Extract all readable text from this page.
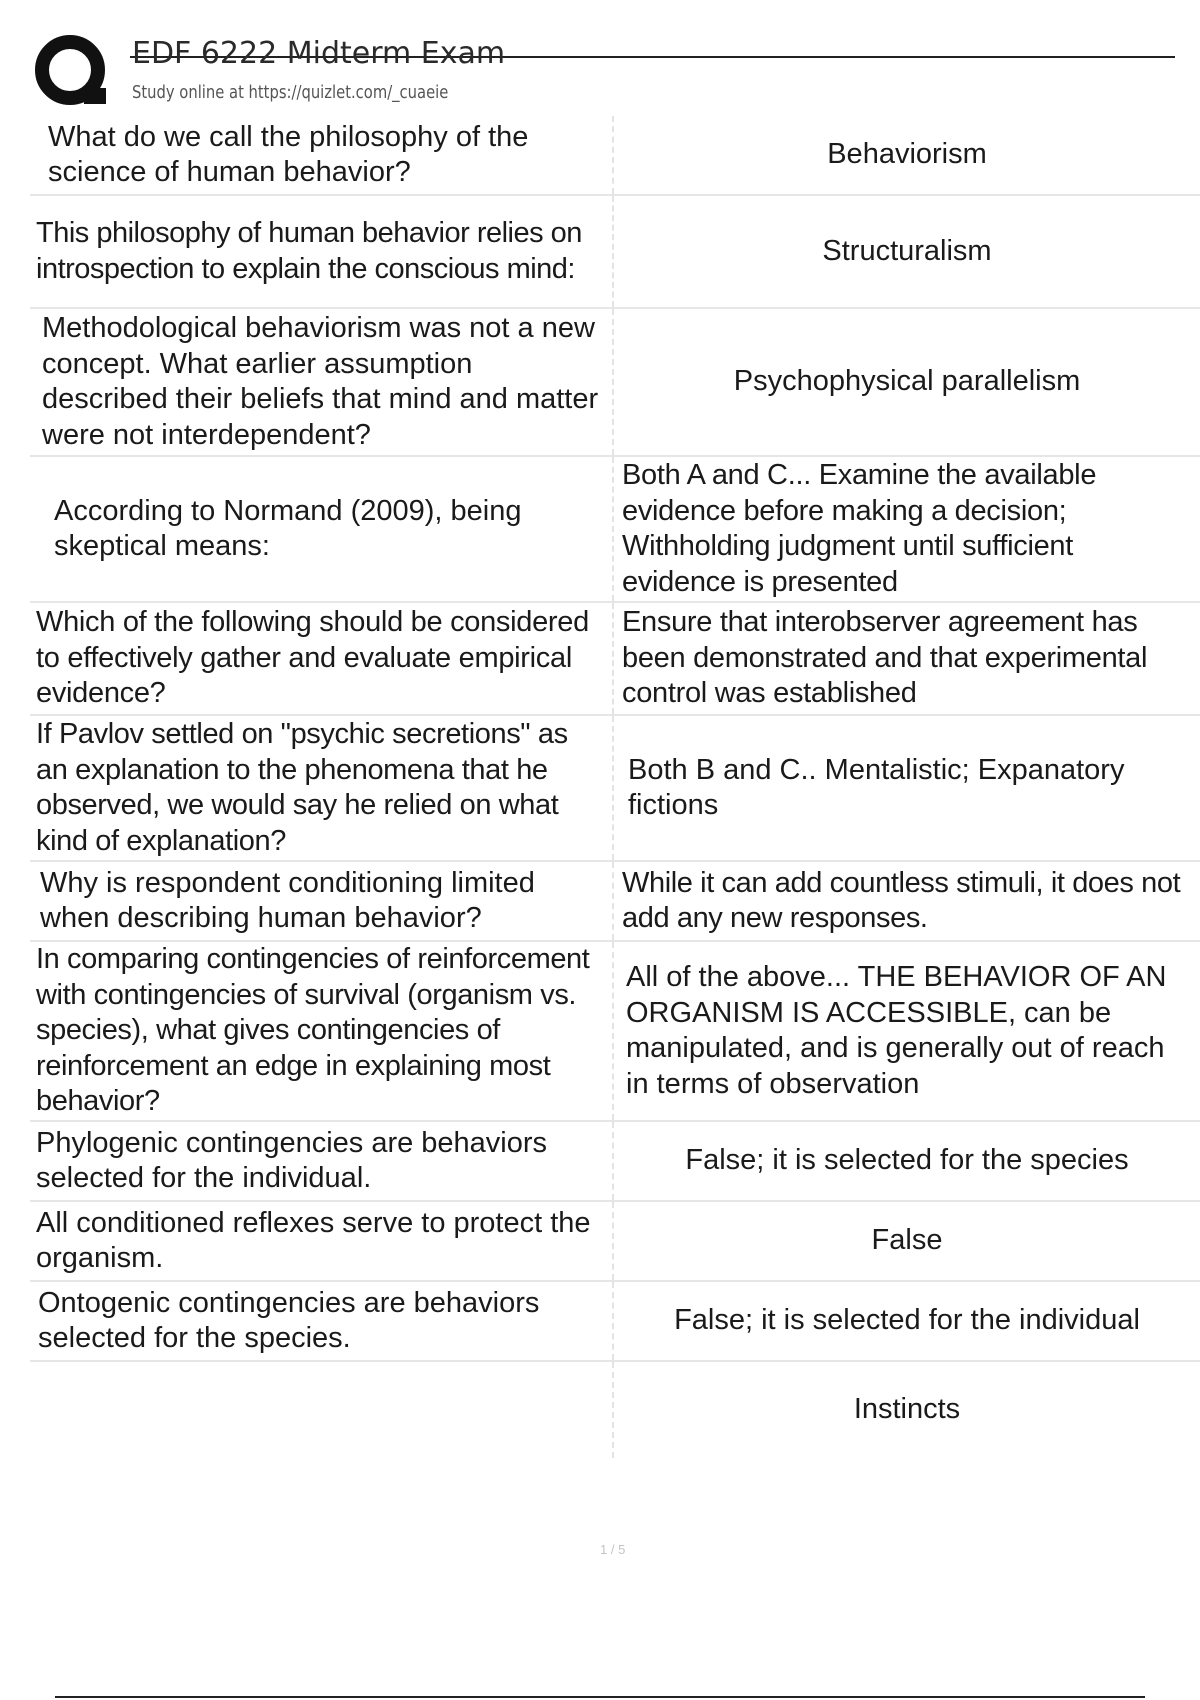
EDF 6222 Midterm Exam
Study online at https://quizlet.com/_cuaeie
What do we call the philosophy of the science of human behavior?
Behaviorism
This philosophy of human behavior relies on introspection to explain the conscious mind:
Structuralism
Methodological behaviorism was not a new concept. What earlier assumption described their beliefs that mind and matter were not interdependent?
Psychophysical parallelism
According to Normand (2009), being skeptical means:
Both A and C... Examine the available evidence before making a decision; Withholding judgment until sufficient evidence is presented
Which of the following should be considered to effectively gather and evaluate empirical evidence?
Ensure that interobserver agreement has been demonstrated and that experimental control was established
If Pavlov settled on "psychic secretions" as an explanation to the phenomena that he observed, we would say he relied on what kind of explanation?
Both B and C.. Mentalistic; Expanatory fictions
Why is respondent conditioning limited when describing human behavior?
While it can add countless stimuli, it does not add any new responses.
In comparing contingencies of reinforcement with contingencies of survival (organism vs. species), what gives contingencies of reinforcement an edge in explaining most behavior?
All of the above... THE BEHAVIOR OF AN ORGANISM IS ACCESSIBLE, can be manipulated, and is generally out of reach in terms of observation
Phylogenic contingencies are behaviors selected for the individual.
False; it is selected for the species
All conditioned reflexes serve to protect the organism.
False
Ontogenic contingencies are behaviors selected for the species.
False; it is selected for the individual
Instincts
1 / 5
